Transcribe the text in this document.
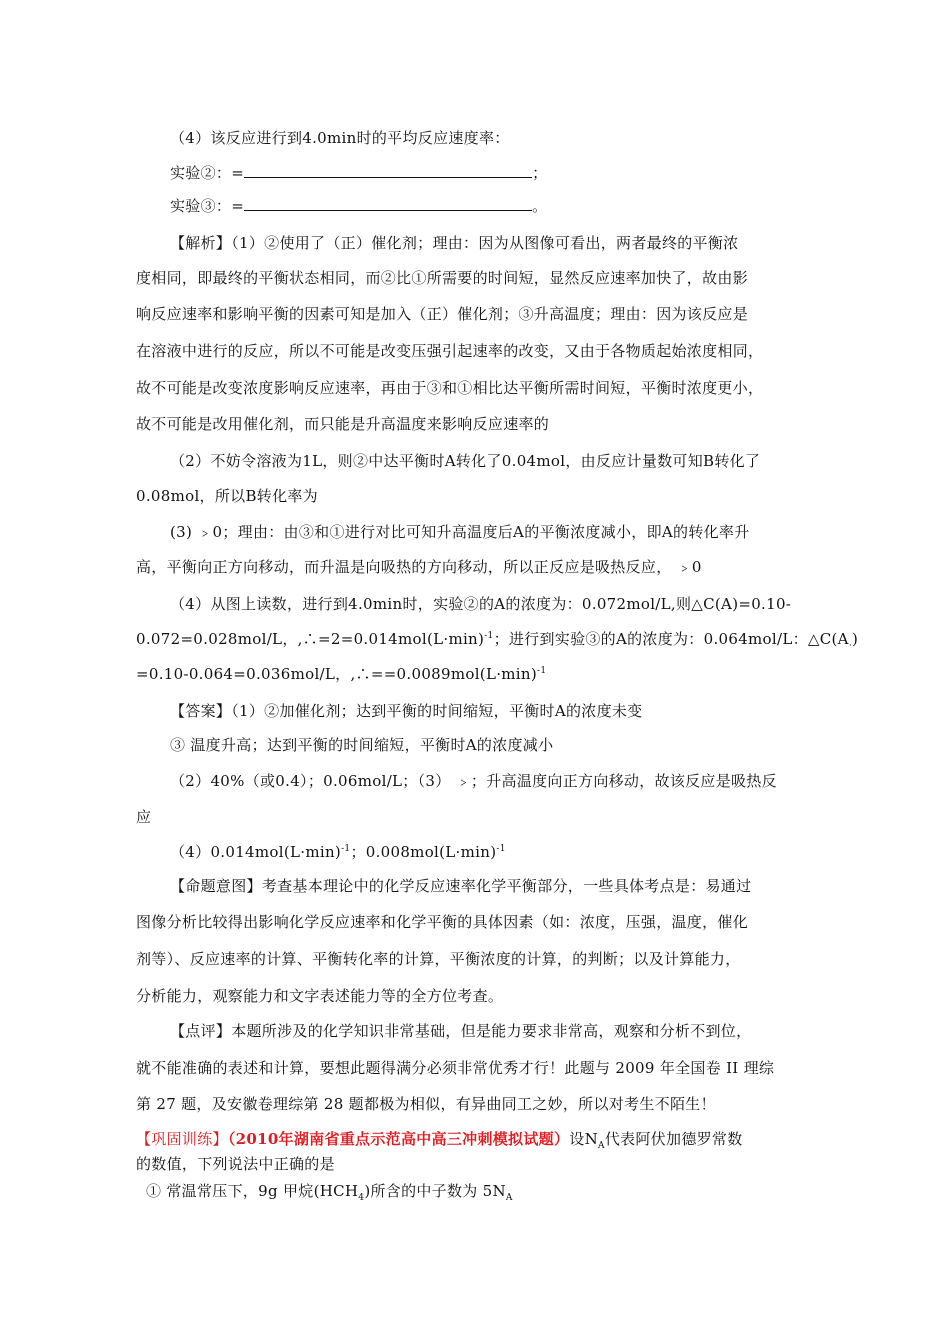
（4）该反应进行到4.0min时的平均反应速度率：
实验②：=	；
实验③：=	。
【解析】（1）②使用了（正）催化剂；理由：因为从图像可看出，两者最终的平衡浓
度相同，即最终的平衡状态相同，而②比①所需要的时间短，显然反应速率加快了，故由影
响反应速率和影响平衡的因素可知是加入（正）催化剂；③升高温度；理由：因为该反应是
在溶液中进行的反应，所以不可能是改变压强引起速率的改变，又由于各物质起始浓度相同，
故不可能是改变浓度影响反应速率，再由于③和①相比达平衡所需时间短，平衡时浓度更小，
故不可能是改用催化剂，而只能是升高温度来影响反应速率的
（2）不妨令溶液为1L，则②中达平衡时A转化了0.04mol，由反应计量数可知B转化了
0.08mol，所以B转化率为
(3) ﹥0；理由：由③和①进行对比可知升高温度后A的平衡浓度减小，即A的转化率升
高，平衡向正方向移动，而升温是向吸热的方向移动，所以正反应是吸热反应， ﹥0
（4）从图上读数，进行到4.0min时，实验②的A的浓度为：0.072mol/L,则△C(A)=0.10-
0.072=0.028mol/L，$,\therefore=2=0.014mol(L\cdot\min)^{-1}$；进行到实验③的A的浓度为：0.064mol/L：$\triangle C(A_\cdot)$
=0.10-0.064=0.036mol/L，$,\therefore==0.0089mol(L\cdot\min)^{-1}$
【答案】（1）②加催化剂；达到平衡的时间缩短，平衡时A的浓度未变
③ 温度升高；达到平衡的时间缩短，平衡时A的浓度减小
（2）40%（或0.4）；0.06mol/L；（3） ﹥；升高温度向正方向移动，故该反应是吸热反
应
$(4)0.014mol(L\cdot\min)^{-1}$；$0.008mol(L\cdot\min)^{-1}$
【命题意图】考查基本理论中的化学反应速率化学平衡部分，一些具体考点是：易通过
图像分析比较得出影响化学反应速率和化学平衡的具体因素（如：浓度，压强，温度，催化
剂等）、反应速率的计算、平衡转化率的计算，平衡浓度的计算，的判断；以及计算能力，
分析能力，观察能力和文字表述能力等的全方位考查。
【点评】本题所涉及的化学知识非常基础，但是能力要求非常高，观察和分析不到位，
就不能准确的表述和计算，要想此题得满分必须非常优秀才行！此题与 2009 年全国卷 II 理综
第 27 题，及安徽卷理综第 28 题都极为相似，有异曲同工之妙，所以对考生不陌生！
【巩固训练】（2010年湖南省重点示范高中高三冲刺模拟试题）设$N_A$代表阿伏加德罗常数
的数值，下列说法中正确的是
① 常温常压下，9g 甲烷$(HCH_4)$所含的中子数为 $5N_A$
